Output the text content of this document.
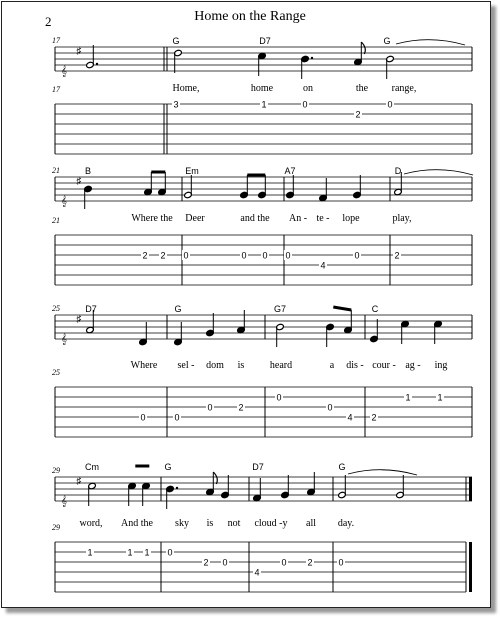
2	Home on the Range
𝄞
♯
17
17
G	D7	G
Home,	home	on	the range,
3	1	0
2
0
𝄞
♯
21
21
B	Em	A7	D
Where the Deer	and the An - te - lope	play,
2 2 0	0 0 0
4
0	2
𝄞
♯
25
25
D7	G	G7	C
Where sel - dom is	heard	a dis - cour - ag - ing
0	0
0	2
0
0
4 2
1	1
𝄞
♯
29
29
Cm	G	D7	G
word, And the sky is not cloud -y all day.
1	1 1 0
2 0
4
0 2	0
